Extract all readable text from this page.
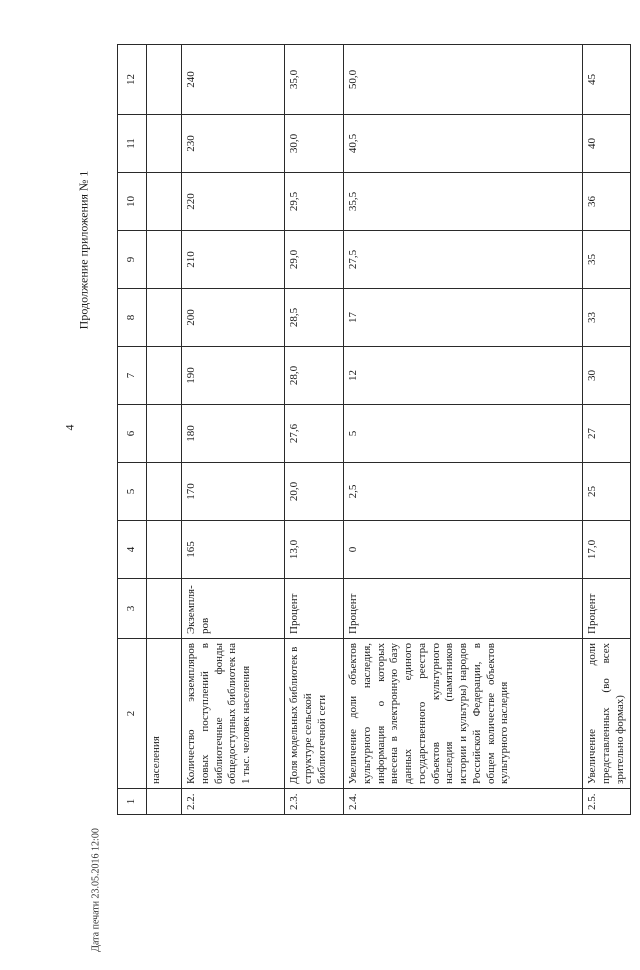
4
Продолжение приложения № 1
Дата печати 23.05.2016 12:00
1	2	3	4	5	6	7	8	9	10	11	12
	населения										
2.2.	Количество экземпляров новых поступлений в библиотечные фонды общедоступных библиотек на 1 тыс. человек населения	Экземпля-ров	165	170	180	190	200	210	220	230	240
2.3.	Доля модельных библиотек в структуре сельской библиотечной сети	Процент	13,0	20,0	27,6	28,0	28,5	29,0	29,5	30,0	35,0
2.4.	Увеличение доли объектов культурного наследия, информация о которых внесена в электронную базу данных единого государственного реестра объектов культурного наследия (памятников истории и культуры) народов Российской Федерации, в общем количестве объектов культурного наследия	Процент	0	2,5	5	12	17	27,5	35,5	40,5	50,0
2.5.	Увеличение доли представленных (во всех зрительно формах)	Процент	17,0	25	27	30	33	35	36	40	45
